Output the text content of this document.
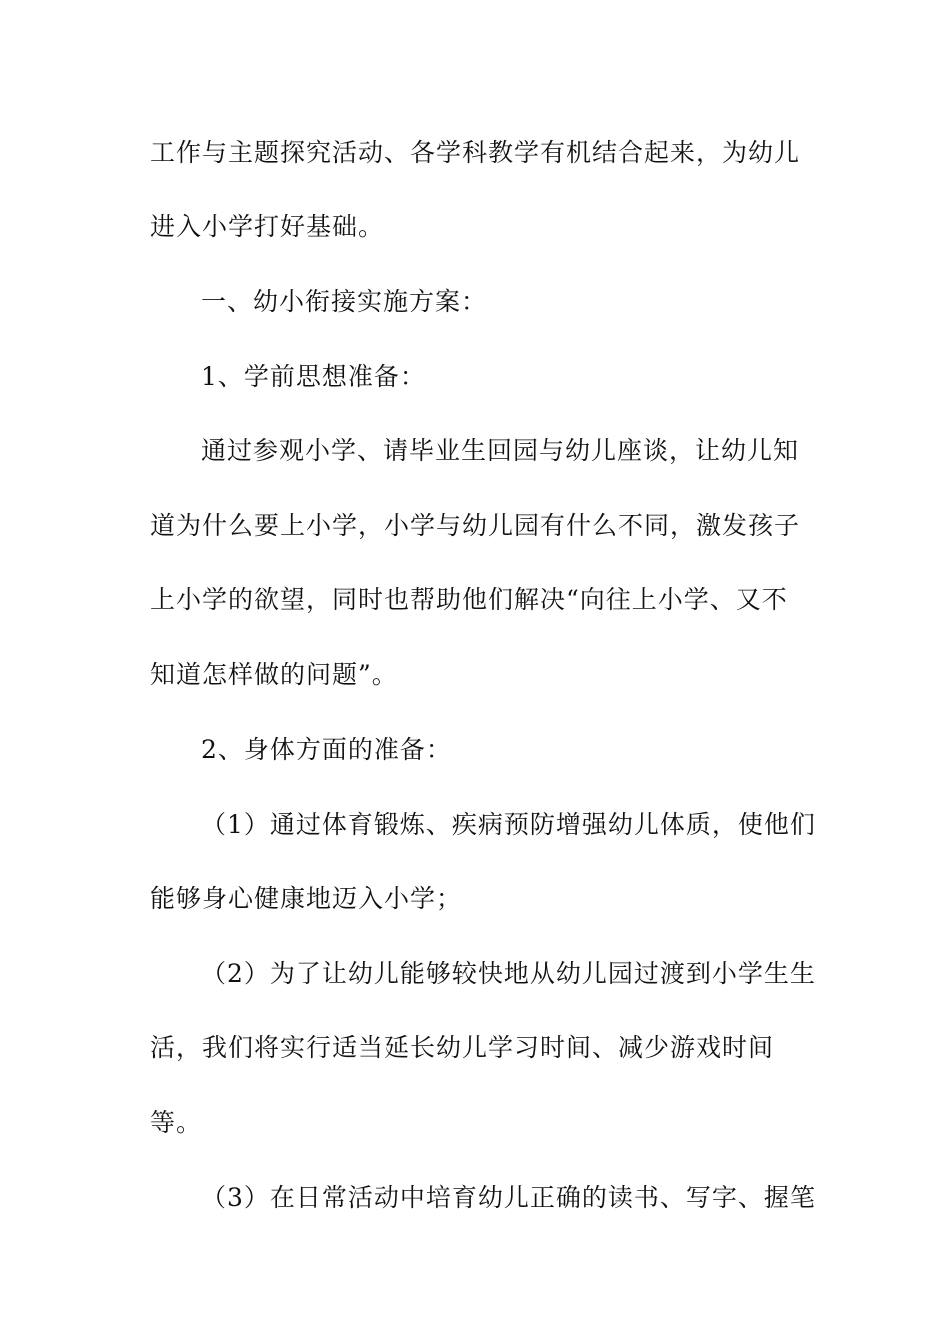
工作与主题探究活动、各学科教学有机结合起来，为幼儿
进入小学打好基础。
一、幼小衔接实施方案：
1、学前思想准备：
通过参观小学、请毕业生回园与幼儿座谈，让幼儿知
道为什么要上小学，小学与幼儿园有什么不同，激发孩子
上小学的欲望，同时也帮助他们解决“向往上小学、又不
知道怎样做的问题”。
2、身体方面的准备：
（1）通过体育锻炼、疾病预防增强幼儿体质，使他们
能够身心健康地迈入小学；
（2）为了让幼儿能够较快地从幼儿园过渡到小学生生
活，我们将实行适当延长幼儿学习时间、减少游戏时间
等。
（3）在日常活动中培育幼儿正确的读书、写字、握笔
